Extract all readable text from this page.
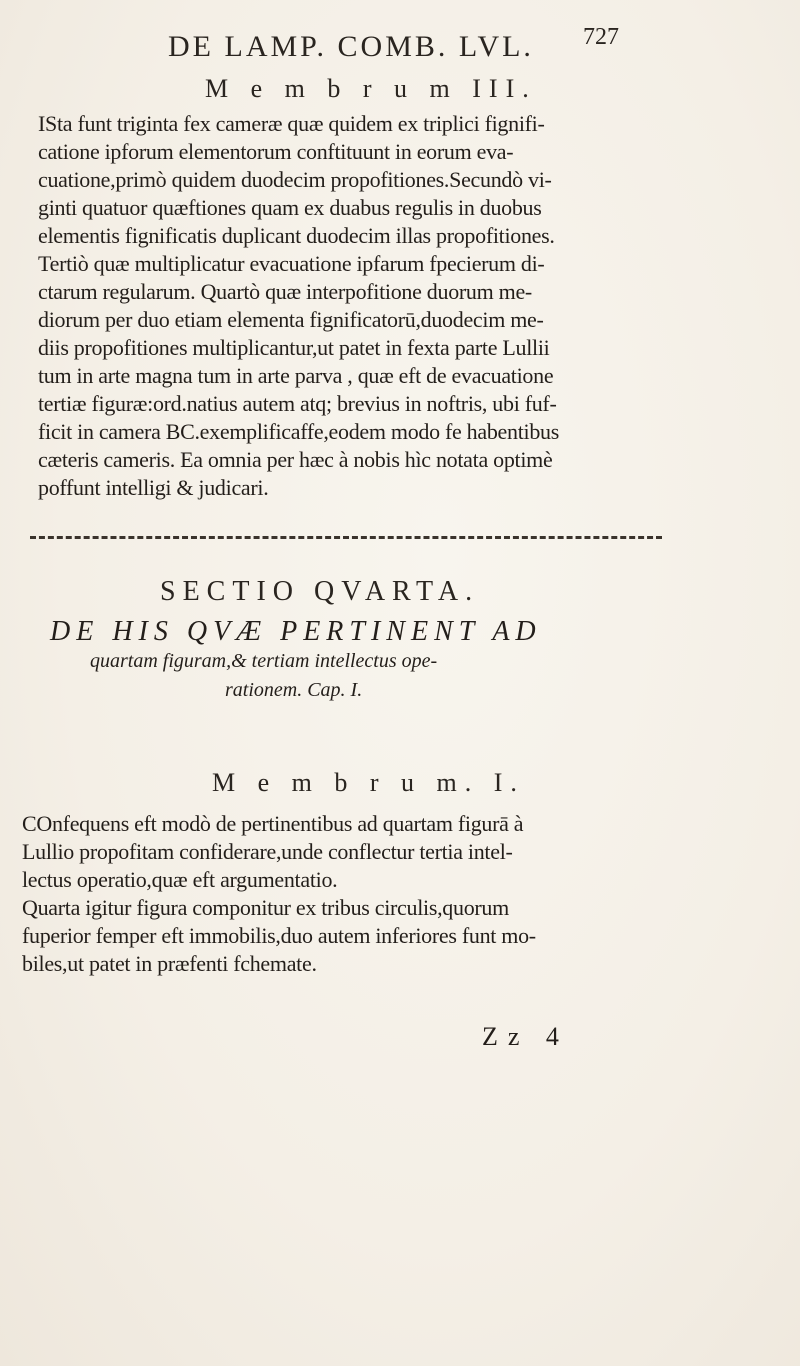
DE LAMP. COMB. LVL. 727
M e m b r u m III.
ISta funt triginta fex cameræ quæ quidem ex triplici fignifi-
catione ipforum elementorum conftituunt in eorum eva-
cuatione,primò quidem duodecim propofitiones.Secundò vi-
ginti quatuor quæftiones quam ex duabus regulis in duobus
elementis fignificatis duplicant duodecim illas propofitiones.
Tertiò quæ multiplicatur evacuatione ipfarum fpecierum di-
ctarum regularum. Quartò quæ interpofitione duorum me-
diorum per duo etiam elementa fignificatorū,duodecim me-
diis propofitiones multiplicantur,ut patet in fexta parte Lullii
tum in arte magna tum in arte parva , quæ eft de evacuatione
tertiæ figuræ:ord.natius autem atq; brevius in noftris, ubi fuf-
ficit in camera BC.exemplificaffe,eodem modo fe habentibus
cæteris cameris. Ea omnia per hæc à nobis hìc notata optimè
poffunt intelligi & judicari.
SECTIO QVARTA.
DE HIS QVÆ PERTINENT AD
quartam figuram,& tertiam intellectus ope-
rationem. Cap. I.
M e m b r u m. I.
COnfequens eft modò de pertinentibus ad quartam figurā à
Lullio propofitam confiderare,unde conflectur tertia intel-
lectus operatio,quæ eft argumentatio.
Quarta igitur figura componitur ex tribus circulis,quorum
fuperior femper eft immobilis,duo autem inferiores funt mo-
biles,ut patet in præfenti fchemate.
Zz 4
